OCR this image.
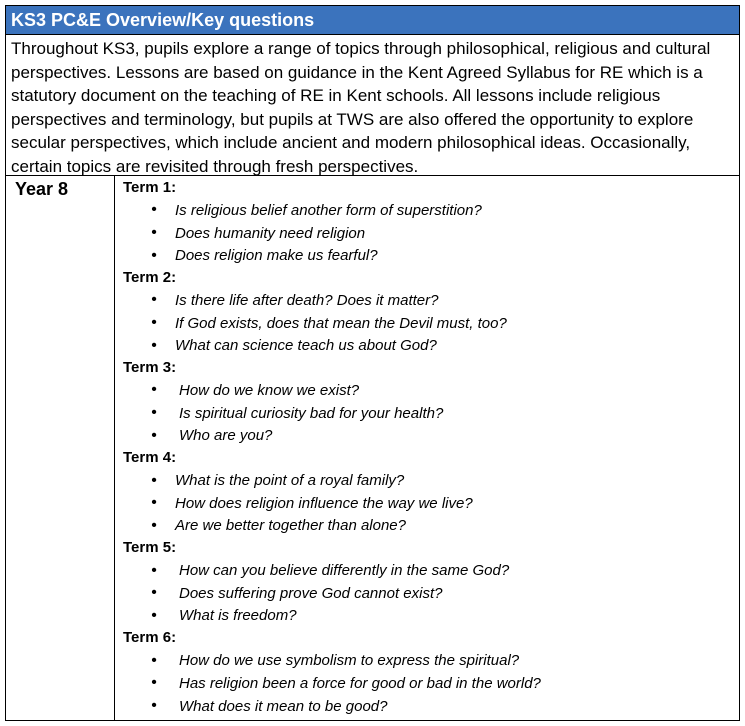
KS3 PC&E Overview/Key questions
Throughout KS3, pupils explore a range of topics through philosophical, religious and cultural perspectives. Lessons are based on guidance in the Kent Agreed Syllabus for RE which is a statutory document on the teaching of RE in Kent schools. All lessons include religious perspectives and terminology, but pupils at TWS are also offered the opportunity to explore secular perspectives, which include ancient and modern philosophical ideas. Occasionally, certain topics are revisited through fresh perspectives.
Year 8	Term 1:
•	Is religious belief another form of superstition?
•	Does humanity need religion
•	Does religion make us fearful?
Term 2:
•	Is there life after death? Does it matter?
•	If God exists, does that mean the Devil must, too?
•	What can science teach us about God?
Term 3:
•	How do we know we exist?
•	Is spiritual curiosity bad for your health?
•	Who are you?
Term 4:
•	What is the point of a royal family?
•	How does religion influence the way we live?
•	Are we better together than alone?
Term 5:
•	How can you believe differently in the same God?
•	Does suffering prove God cannot exist?
•	What is freedom?
Term 6:
•	How do we use symbolism to express the spiritual?
•	Has religion been a force for good or bad in the world?
•	What does it mean to be good?
